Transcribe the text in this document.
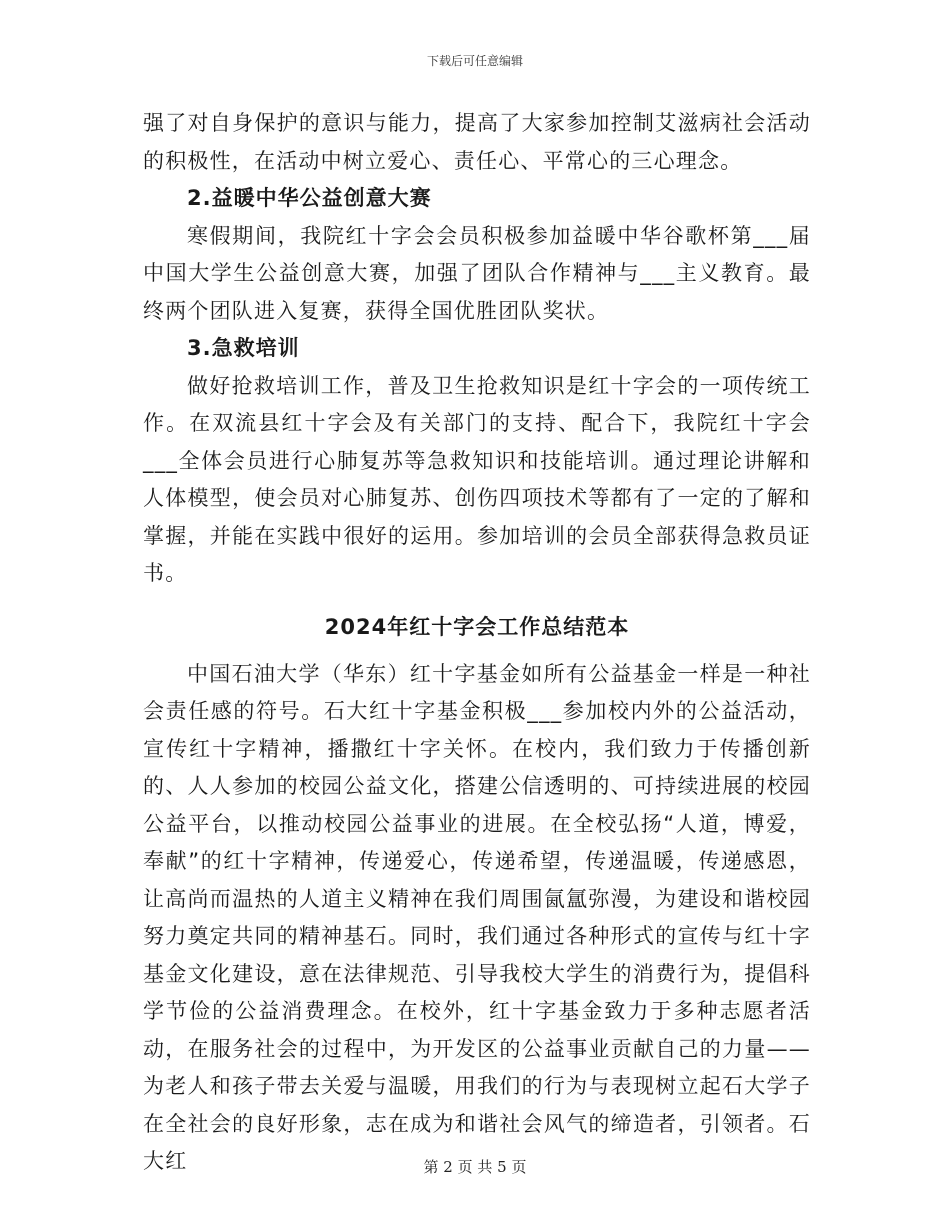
下载后可任意编辑

强了对自身保护的意识与能力，提高了大家参加控制艾滋病社会活动的积极性，在活动中树立爱心、责任心、平常心的三心理念。

2.益暖中华公益创意大赛

寒假期间，我院红十字会会员积极参加益暖中华谷歌杯第___届中国大学生公益创意大赛，加强了团队合作精神与___主义教育。最终两个团队进入复赛，获得全国优胜团队奖状。

3.急救培训

做好抢救培训工作，普及卫生抢救知识是红十字会的一项传统工作。在双流县红十字会及有关部门的支持、配合下，我院红十字会___全体会员进行心肺复苏等急救知识和技能培训。通过理论讲解和人体模型，使会员对心肺复苏、创伤四项技术等都有了一定的了解和掌握，并能在实践中很好的运用。参加培训的会员全部获得急救员证书。

2024年红十字会工作总结范本

中国石油大学（华东）红十字基金如所有公益基金一样是一种社会责任感的符号。石大红十字基金积极___参加校内外的公益活动，宣传红十字精神，播撒红十字关怀。在校内，我们致力于传播创新的、人人参加的校园公益文化，搭建公信透明的、可持续进展的校园公益平台，以推动校园公益事业的进展。在全校弘扬“人道，博爱，奉献”的红十字精神，传递爱心，传递希望，传递温暖，传递感恩，让高尚而温热的人道主义精神在我们周围氤氲弥漫，为建设和谐校园努力奠定共同的精神基石。同时，我们通过各种形式的宣传与红十字基金文化建设，意在法律规范、引导我校大学生的消费行为，提倡科学节俭的公益消费理念。在校外，红十字基金致力于多种志愿者活动，在服务社会的过程中，为开发区的公益事业贡献自己的力量——为老人和孩子带去关爱与温暖，用我们的行为与表现树立起石大学子在全社会的良好形象，志在成为和谐社会风气的缔造者，引领者。石大红	第 2 页 共 5 页
